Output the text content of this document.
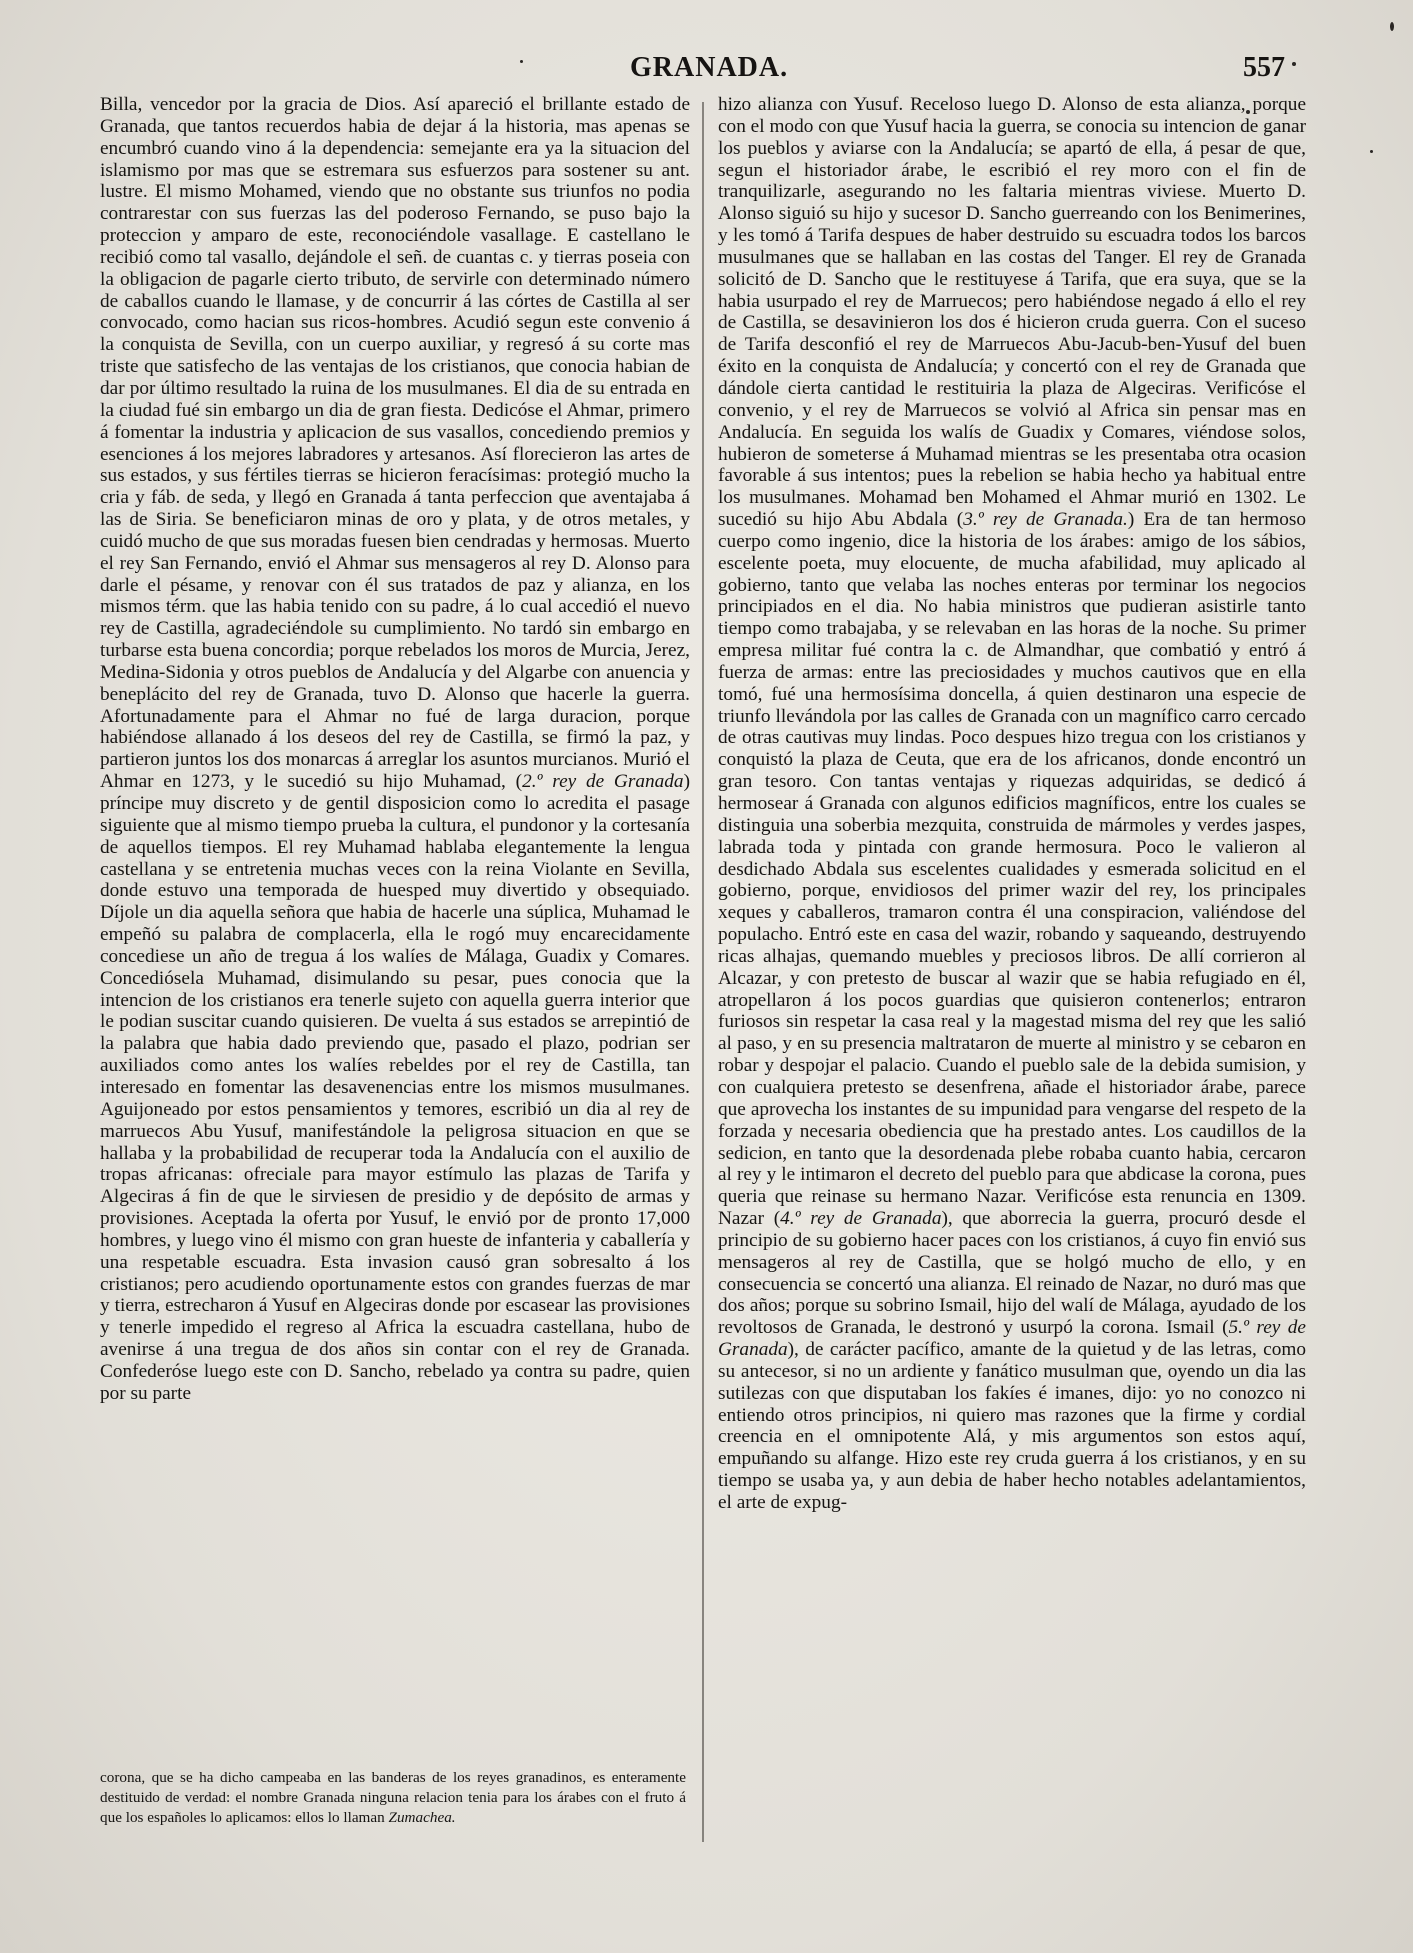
GRANADA.	557

Billa, vencedor por la gracia de Dios. Así apareció el brillante estado de Granada, que tantos recuerdos habia de dejar á la historia, mas apenas se encumbró cuando vino á la dependencia: semejante era ya la situacion del islamismo por mas que se estremara sus esfuerzos para sostener su ant. lustre. El mismo Mohamed, viendo que no obstante sus triunfos no podia contrarestar con sus fuerzas las del poderoso Fernando, se puso bajo la proteccion y amparo de este, reconociéndole vasallage. E castellano le recibió como tal vasallo, dejándole el señ. de cuantas c. y tierras poseia con la obligacion de pagarle cierto tributo, de servirle con determinado número de caballos cuando le llamase, y de concurrir á las córtes de Castilla al ser convocado, como hacian sus ricos-hombres. Acudió segun este convenio á la conquista de Sevilla, con un cuerpo auxiliar, y regresó á su corte mas triste que satisfecho de las ventajas de los cristianos, que conocia habian de dar por último resultado la ruina de los musulmanes. El dia de su entrada en la ciudad fué sin embargo un dia de gran fiesta. Dedicóse el Ahmar, primero á fomentar la industria y aplicacion de sus vasallos, concediendo premios y esenciones á los mejores labradores y artesanos. Así florecieron las artes de sus estados, y sus fértiles tierras se hicieron feracísimas: protegió mucho la cria y fáb. de seda, y llegó en Granada á tanta perfeccion que aventajaba á las de Siria. Se beneficiaron minas de oro y plata, y de otros metales, y cuidó mucho de que sus moradas fuesen bien cendradas y hermosas. Muerto el rey San Fernando, envió el Ahmar sus mensageros al rey D. Alonso para darle el pésame, y renovar con él sus tratados de paz y alianza, en los mismos térm. que las habia tenido con su padre, á lo cual accedió el nuevo rey de Castilla, agradeciéndole su cumplimiento. No tardó sin embargo en turbarse esta buena concordia; porque rebelados los moros de Murcia, Jerez, Medina-Sidonia y otros pueblos de Andalucía y del Algarbe con anuencia y beneplácito del rey de Granada, tuvo D. Alonso que hacerle la guerra. Afortunadamente para el Ahmar no fué de larga duracion, porque habiéndose allanado á los deseos del rey de Castilla, se firmó la paz, y partieron juntos los dos monarcas á arreglar los asuntos murcianos. Murió el Ahmar en 1273, y le sucedió su hijo Muhamad, (2.º rey de Granada) príncipe muy discreto y de gentil disposicion como lo acredita el pasage siguiente que al mismo tiempo prueba la cultura, el pundonor y la cortesanía de aquellos tiempos. El rey Muhamad hablaba elegantemente la lengua castellana y se entretenia muchas veces con la reina Violante en Sevilla, donde estuvo una temporada de huesped muy divertido y obsequiado. Díjole un dia aquella señora que habia de hacerle una súplica, Muhamad le empeñó su palabra de complacerla, ella le rogó muy encarecidamente concediese un año de tregua á los walíes de Málaga, Guadix y Comares. Concediósela Muhamad, disimulando su pesar, pues conocia que la intencion de los cristianos era tenerle sujeto con aquella guerra interior que le podian suscitar cuando quisieren. De vuelta á sus estados se arrepintió de la palabra que habia dado previendo que, pasado el plazo, podrian ser auxiliados como antes los walíes rebeldes por el rey de Castilla, tan interesado en fomentar las desavenencias entre los mismos musulmanes. Aguijoneado por estos pensamientos y temores, escribió un dia al rey de marruecos Abu Yusuf, manifestándole la peligrosa situacion en que se hallaba y la probabilidad de recuperar toda la Andalucía con el auxilio de tropas africanas: ofreciale para mayor estímulo las plazas de Tarifa y Algeciras á fin de que le sirviesen de presidio y de depósito de armas y provisiones. Aceptada la oferta por Yusuf, le envió por de pronto 17,000 hombres, y luego vino él mismo con gran hueste de infanteria y caballería y una respetable escuadra. Esta invasion causó gran sobresalto á los cristianos; pero acudiendo oportunamente estos con grandes fuerzas de mar y tierra, estrecharon á Yusuf en Algeciras donde por escasear las provisiones y tenerle impedido el regreso al Africa la escuadra castellana, hubo de avenirse á una tregua de dos años sin contar con el rey de Granada. Confederóse luego este con D. Sancho, rebelado ya contra su padre, quien por su parte

hizo alianza con Yusuf. Receloso luego D. Alonso de esta alianza, porque con el modo con que Yusuf hacia la guerra, se conocia su intencion de ganar los pueblos y aviarse con la Andalucía; se apartó de ella, á pesar de que, segun el historiador árabe, le escribió el rey moro con el fin de tranquilizarle, asegurando no les faltaria mientras viviese. Muerto D. Alonso siguió su hijo y sucesor D. Sancho guerreando con los Benimerines, y les tomó á Tarifa despues de haber destruido su escuadra todos los barcos musulmanes que se hallaban en las costas del Tanger. El rey de Granada solicitó de D. Sancho que le restituyese á Tarifa, que era suya, que se la habia usurpado el rey de Marruecos; pero habiéndose negado á ello el rey de Castilla, se desavinieron los dos é hicieron cruda guerra. Con el suceso de Tarifa desconfió el rey de Marruecos Abu-Jacub-ben-Yusuf del buen éxito en la conquista de Andalucía; y concertó con el rey de Granada que dándole cierta cantidad le restituiria la plaza de Algeciras. Verificóse el convenio, y el rey de Marruecos se volvió al Africa sin pensar mas en Andalucía. En seguida los walís de Guadix y Comares, viéndose solos, hubieron de someterse á Muhamad mientras se les presentaba otra ocasion favorable á sus intentos; pues la rebelion se habia hecho ya habitual entre los musulmanes. Mohamad ben Mohamed el Ahmar murió en 1302. Le sucedió su hijo Abu Abdala (3.º rey de Granada.) Era de tan hermoso cuerpo como ingenio, dice la historia de los árabes: amigo de los sábios, escelente poeta, muy elocuente, de mucha afabilidad, muy aplicado al gobierno, tanto que velaba las noches enteras por terminar los negocios principiados en el dia. No habia ministros que pudieran asistirle tanto tiempo como trabajaba, y se relevaban en las horas de la noche. Su primer empresa militar fué contra la c. de Almandhar, que combatió y entró á fuerza de armas: entre las preciosidades y muchos cautivos que en ella tomó, fué una hermosísima doncella, á quien destinaron una especie de triunfo llevándola por las calles de Granada con un magnífico carro cercado de otras cautivas muy lindas. Poco despues hizo tregua con los cristianos y conquistó la plaza de Ceuta, que era de los africanos, donde encontró un gran tesoro. Con tantas ventajas y riquezas adquiridas, se dedicó á hermosear á Granada con algunos edificios magníficos, entre los cuales se distinguia una soberbia mezquita, construida de mármoles y verdes jaspes, labrada toda y pintada con grande hermosura. Poco le valieron al desdichado Abdala sus escelentes cualidades y esmerada solicitud en el gobierno, porque, envidiosos del primer wazir del rey, los principales xeques y caballeros, tramaron contra él una conspiracion, valiéndose del populacho. Entró este en casa del wazir, robando y saqueando, destruyendo ricas alhajas, quemando muebles y preciosos libros. De allí corrieron al Alcazar, y con pretesto de buscar al wazir que se habia refugiado en él, atropellaron á los pocos guardias que quisieron contenerlos; entraron furiosos sin respetar la casa real y la magestad misma del rey que les salió al paso, y en su presencia maltrataron de muerte al ministro y se cebaron en robar y despojar el palacio. Cuando el pueblo sale de la debida sumision, y con cualquiera pretesto se desenfrena, añade el historiador árabe, parece que aprovecha los instantes de su impunidad para vengarse del respeto de la forzada y necesaria obediencia que ha prestado antes. Los caudillos de la sedicion, en tanto que la desordenada plebe robaba cuanto habia, cercaron al rey y le intimaron el decreto del pueblo para que abdicase la corona, pues queria que reinase su hermano Nazar. Verificóse esta renuncia en 1309. Nazar (4.º rey de Granada), que aborrecia la guerra, procuró desde el principio de su gobierno hacer paces con los cristianos, á cuyo fin envió sus mensageros al rey de Castilla, que se holgó mucho de ello, y en consecuencia se concertó una alianza. El reinado de Nazar, no duró mas que dos años; porque su sobrino Ismail, hijo del walí de Málaga, ayudado de los revoltosos de Granada, le destronó y usurpó la corona. Ismail (5.º rey de Granada), de carácter pacífico, amante de la quietud y de las letras, como su antecesor, si no un ardiente y fanático musulman que, oyendo un dia las sutilezas con que disputaban los fakíes é imanes, dijo: yo no conozco ni entiendo otros principios, ni quiero mas razones que la firme y cordial creencia en el omnipotente Alá, y mis argumentos son estos aquí, empuñando su alfange. Hizo este rey cruda guerra á los cristianos, y en su tiempo se usaba ya, y aun debia de haber hecho notables adelantamientos, el arte de expug-

corona, que se ha dicho campeaba en las banderas de los reyes granadinos, es enteramente destituido de verdad: el nombre Granada ninguna relacion tenia para los árabes con el fruto á que los españoles lo aplicamos: ellos lo llaman Zumachea.
